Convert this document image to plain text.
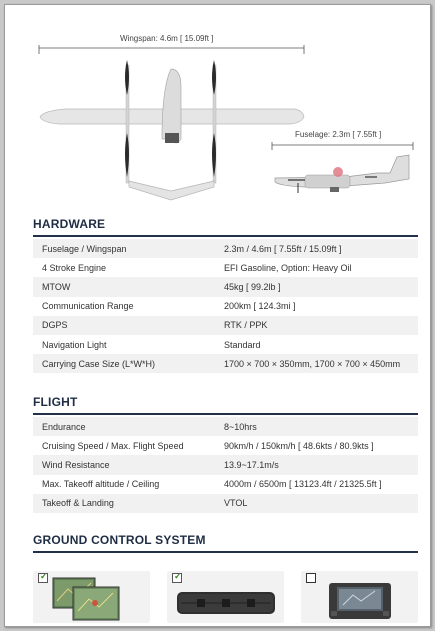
Wingspan: 4.6m [ 15.09ft ]
Fuselage: 2.3m [ 7.55ft ]
HARDWARE
Fuselage / Wingspan	2.3m / 4.6m [ 7.55ft / 15.09ft ]
4 Stroke Engine	EFI Gasoline, Option: Heavy Oil
MTOW	45kg [ 99.2lb ]
Communication Range	200km [ 124.3mi ]
DGPS	RTK / PPK
Navigation Light	Standard
Carrying Case Size (L*W*H)	1700 × 700 × 350mm, 1700 × 700 × 450mm
FLIGHT
Endurance	8~10hrs
Cruising Speed / Max. Flight Speed	90km/h / 150km/h [ 48.6kts / 80.9kts ]
Wind Resistance	13.9~17.1m/s
Max. Takeoff altitude / Ceiling	4000m / 6500m [ 13123.4ft / 21325.5ft ]
Takeoff & Landing	VTOL
GROUND CONTROL SYSTEM
✓	✓
